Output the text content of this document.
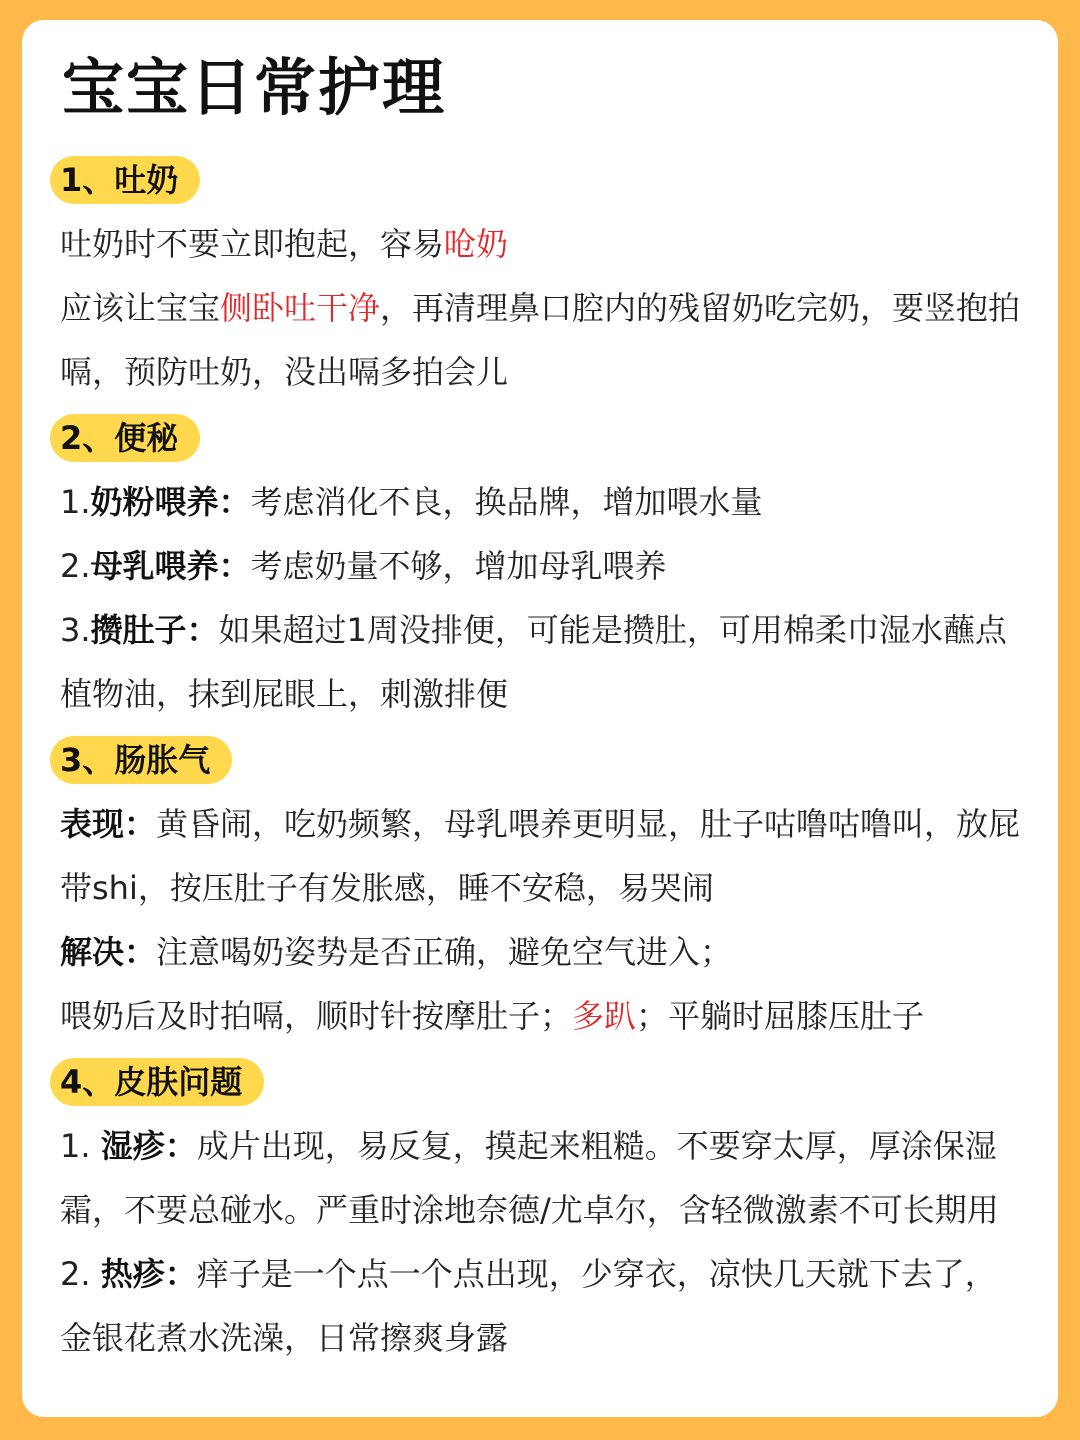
宝宝日常护理
1、吐奶
吐奶时不要立即抱起，容易呛奶
应该让宝宝侧卧吐干净，再清理鼻口腔内的残留奶吃完奶，要竖抱拍
嗝，预防吐奶，没出嗝多拍会儿
2、便秘
1.奶粉喂养：考虑消化不良，换品牌，增加喂水量
2.母乳喂养：考虑奶量不够，增加母乳喂养
3.攒肚子：如果超过1周没排便，可能是攒肚，可用棉柔巾湿水蘸点
植物油，抹到屁眼上，刺激排便
3、肠胀气
表现：黄昏闹，吃奶频繁，母乳喂养更明显，肚子咕噜咕噜叫，放屁
带shi，按压肚子有发胀感，睡不安稳，易哭闹
解决：注意喝奶姿势是否正确，避免空气进入；
喂奶后及时拍嗝，顺时针按摩肚子；多趴；平躺时屈膝压肚子
4、皮肤问题
1. 湿疹：成片出现，易反复，摸起来粗糙。不要穿太厚，厚涂保湿
霜，不要总碰水。严重时涂地奈德/尤卓尔，含轻微激素不可长期用
2. 热疹：痒子是一个点一个点出现，少穿衣，凉快几天就下去了，
金银花煮水洗澡，日常擦爽身露
